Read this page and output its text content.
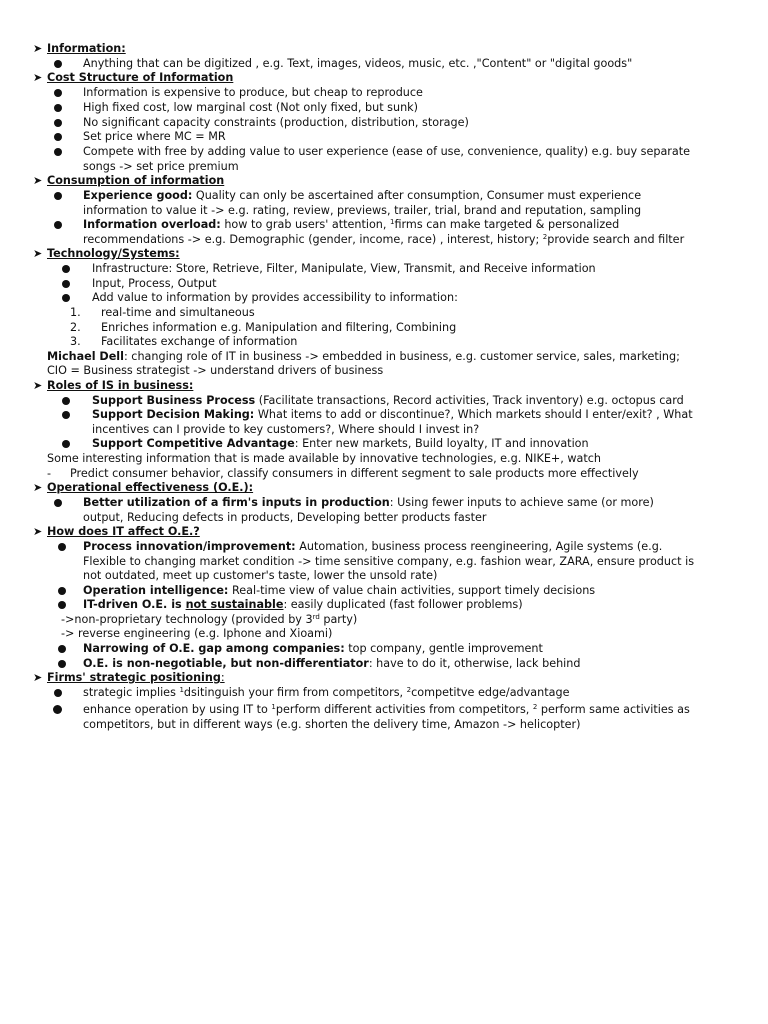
➤ Information:
Anything that can be digitized , e.g. Text, images, videos, music, etc. ,"Content" or "digital goods"
➤ Cost Structure of Information
Information is expensive to produce, but cheap to reproduce
High fixed cost, low marginal cost (Not only fixed, but sunk)
No significant capacity constraints (production, distribution, storage)
Set price where MC = MR
Compete with free by adding value to user experience (ease of use, convenience, quality) e.g. buy separate
songs -> set price premium
➤ Consumption of information
Experience good: Quality can only be ascertained after consumption, Consumer must experience
information to value it -> e.g. rating, review, previews, trailer, trial, brand and reputation, sampling
Information overload: how to grab users' attention, $^1$firms can make targeted & personalized
recommendations -> e.g. Demographic (gender, income, race) , interest, history; $^2$provide search and filter
➤ Technology/Systems:
Infrastructure: Store, Retrieve, Filter, Manipulate, View, Transmit, and Receive information
Input, Process, Output
Add value to information by provides accessibility to information:
1. real-time and simultaneous
2. Enriches information e.g. Manipulation and filtering, Combining
3. Facilitates exchange of information
Michael Dell: changing role of IT in business -> embedded in business, e.g. customer service, sales, marketing;
CIO = Business strategist -> understand drivers of business
➤ Roles of IS in business:
Support Business Process (Facilitate transactions, Record activities, Track inventory) e.g. octopus card
Support Decision Making: What items to add or discontinue?, Which markets should I enter/exit? , What
incentives can I provide to key customers?, Where should I invest in?
Support Competitive Advantage: Enter new markets, Build loyalty, IT and innovation
Some interesting information that is made available by innovative technologies, e.g. NIKE+, watch
- Predict consumer behavior, classify consumers in different segment to sale products more effectively
➤ Operational effectiveness (O.E.):
Better utilization of a firm's inputs in production: Using fewer inputs to achieve same (or more)
output, Reducing defects in products, Developing better products faster
➤ How does IT affect O.E.?
Process innovation/improvement: Automation, business process reengineering, Agile systems (e.g.
Flexible to changing market condition -> time sensitive company, e.g. fashion wear, ZARA, ensure product is
not outdated, meet up customer's taste, lower the unsold rate)
Operation intelligence: Real-time view of value chain activities, support timely decisions
IT-driven O.E. is not sustainable: easily duplicated (fast follower problems)
->non-proprietary technology (provided by 3rd party)
-> reverse engineering (e.g. Iphone and Xioami)
Narrowing of O.E. gap among companies: top company, gentle improvement
O.E. is non-negotiable, but non-differentiator: have to do it, otherwise, lack behind
➤ Firms' strategic positioning:
strategic implies $^1$dsitinguish your firm from competitors, $^2$competitve edge/advantage
enhance operation by using IT to $^1$perform different activities from competitors, $^2$ perform same activities as
competitors, but in different ways (e.g. shorten the delivery time, Amazon -> helicopter)
